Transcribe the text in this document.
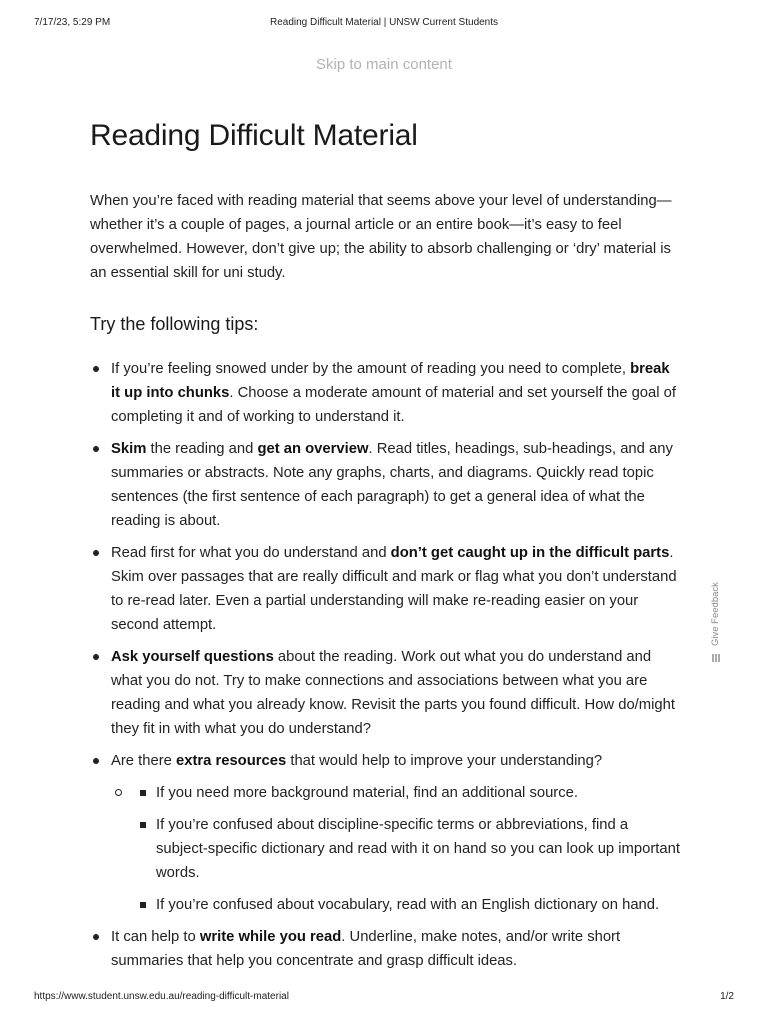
7/17/23, 5:29 PM	Reading Difficult Material | UNSW Current Students
Skip to main content
Reading Difficult Material

When you’re faced with reading material that seems above your level of understanding—whether it’s a couple of pages, a journal article or an entire book—it’s easy to feel overwhelmed. However, don’t give up; the ability to absorb challenging or ‘dry’ material is an essential skill for uni study.

Try the following tips:
If you’re feeling snowed under by the amount of reading you need to complete, break it up into chunks. Choose a moderate amount of material and set yourself the goal of completing it and of working to understand it.
Skim the reading and get an overview. Read titles, headings, sub-headings, and any summaries or abstracts. Note any graphs, charts, and diagrams. Quickly read topic sentences (the first sentence of each paragraph) to get a general idea of what the reading is about.
Read first for what you do understand and don’t get caught up in the difficult parts. Skim over passages that are really difficult and mark or flag what you don’t understand to re-read later. Even a partial understanding will make re-reading easier on your second attempt.
Ask yourself questions about the reading. Work out what you do understand and what you do not. Try to make connections and associations between what you are reading and what you already know. Revisit the parts you found difficult. How do/might they fit in with what you do understand?
Are there extra resources that would help to improve your understanding?
If you need more background material, find an additional source.
If you’re confused about discipline-specific terms or abbreviations, find a subject-specific dictionary and read with it on hand so you can look up important words.
If you’re confused about vocabulary, read with an English dictionary on hand.
It can help to write while you read. Underline, make notes, and/or write short summaries that help you concentrate and grasp difficult ideas.
Give Feedback
https://www.student.unsw.edu.au/reading-difficult-material	1/2
